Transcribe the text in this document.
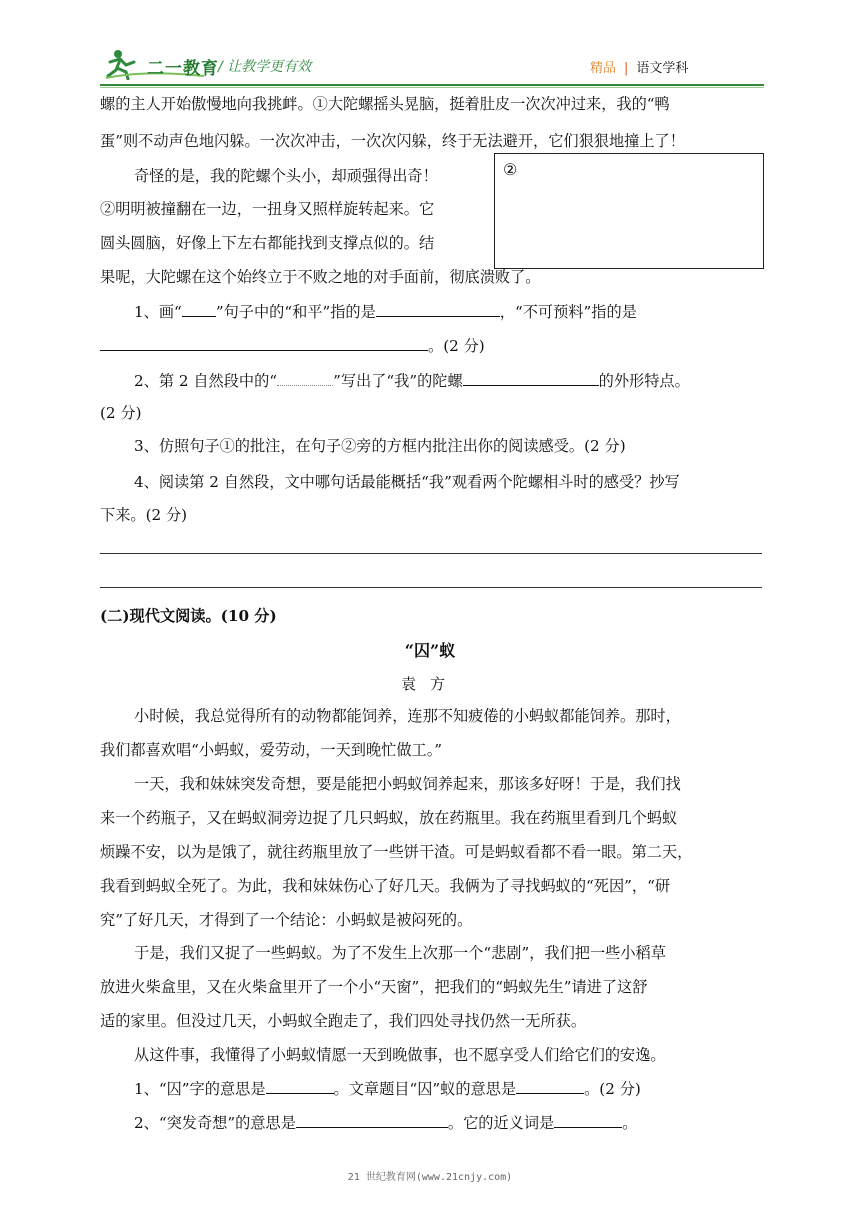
二一教育 / 让教学更有效	精品 | 语文学科
螺的主人开始傲慢地向我挑衅。①大陀螺摇头晃脑，挺着肚皮一次次冲过来，我的“鸭
蛋”则不动声色地闪躲。一次次冲击，一次次闪躲，终于无法避开，它们狠狠地撞上了！
奇怪的是，我的陀螺个头小，却顽强得出奇！
②明明被撞翻在一边，一扭身又照样旋转起来。它
圆头圆脑，好像上下左右都能找到支撑点似的。结
果呢，大陀螺在这个始终立于不败之地的对手面前，彻底溃败了。
②
1、画“ ”句子中的“和平”指的是	，“不可预料”指的是
。(2 分)
2、第 2 自然段中的“	”写出了“我”的陀螺	的外形特点。
(2 分)
3、仿照句子①的批注，在句子②旁的方框内批注出你的阅读感受。(2 分)
4、阅读第 2 自然段，文中哪句话最能概括“我”观看两个陀螺相斗时的感受？抄写
下来。(2 分)
(二)现代文阅读。(10 分)
“囚”蚁
袁方
小时候，我总觉得所有的动物都能饲养，连那不知疲倦的小蚂蚁都能饲养。那时，
我们都喜欢唱“小蚂蚁，爱劳动，一天到晚忙做工。”
一天，我和妹妹突发奇想，要是能把小蚂蚁饲养起来，那该多好呀！于是，我们找
来一个药瓶子，又在蚂蚁洞旁边捉了几只蚂蚁，放在药瓶里。我在药瓶里看到几个蚂蚁
烦躁不安，以为是饿了，就往药瓶里放了一些饼干渣。可是蚂蚁看都不看一眼。第二天，
我看到蚂蚁全死了。为此，我和妹妹伤心了好几天。我俩为了寻找蚂蚁的“死因”，“研
究”了好几天，才得到了一个结论：小蚂蚁是被闷死的。
于是，我们又捉了一些蚂蚁。为了不发生上次那一个“悲剧”，我们把一些小稻草
放进火柴盒里，又在火柴盒里开了一个小“天窗”，把我们的“蚂蚁先生”请进了这舒
适的家里。但没过几天，小蚂蚁全跑走了，我们四处寻找仍然一无所获。
从这件事，我懂得了小蚂蚁情愿一天到晚做事，也不愿享受人们给它们的安逸。
1、“囚”字的意思是	。文章题目“囚”蚁的意思是	。(2 分)
2、“突发奇想”的意思是	。它的近义词是	。
21 世纪教育网(www.21cnjy.com)
